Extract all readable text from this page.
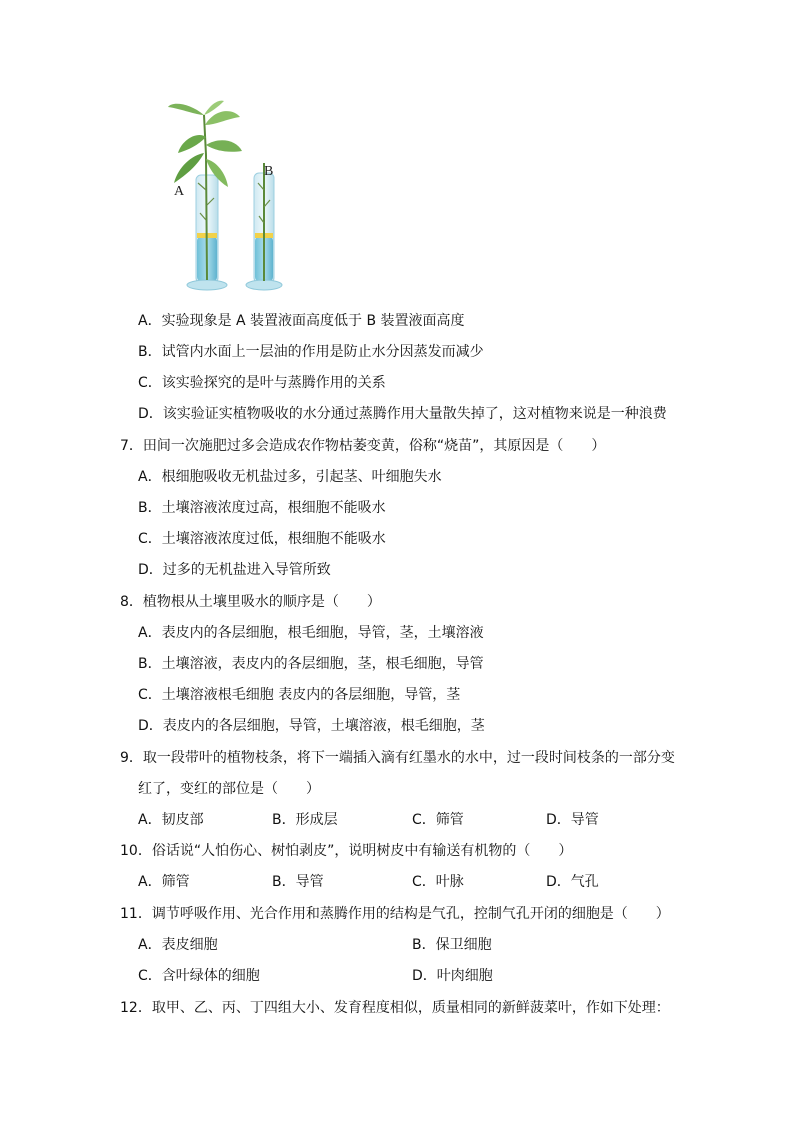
A
B
A．实验现象是 A 装置液面高度低于 B 装置液面高度
B．试管内水面上一层油的作用是防止水分因蒸发而减少
C．该实验探究的是叶与蒸腾作用的关系
D．该实验证实植物吸收的水分通过蒸腾作用大量散失掉了，这对植物来说是一种浪费
7．田间一次施肥过多会造成农作物枯萎变黄，俗称“烧苗”，其原因是（　　）
A．根细胞吸收无机盐过多，引起茎、叶细胞失水
B．土壤溶液浓度过高，根细胞不能吸水
C．土壤溶液浓度过低，根细胞不能吸水
D．过多的无机盐进入导管所致
8．植物根从土壤里吸水的顺序是（　　）
A．表皮内的各层细胞，根毛细胞，导管，茎，土壤溶液
B．土壤溶液，表皮内的各层细胞，茎，根毛细胞，导管
C．土壤溶液根毛细胞 表皮内的各层细胞，导管，茎
D．表皮内的各层细胞，导管，土壤溶液，根毛细胞，茎
9．取一段带叶的植物枝条，将下一端插入滴有红墨水的水中，过一段时间枝条的一部分变
红了，变红的部位是（　　）
A．韧皮部	B．形成层	C．筛管	D．导管
10．俗话说“人怕伤心、树怕剥皮”，说明树皮中有输送有机物的（　　）
A．筛管	B．导管	C．叶脉	D．气孔
11．调节呼吸作用、光合作用和蒸腾作用的结构是气孔，控制气孔开闭的细胞是（　　）
A．表皮细胞	B．保卫细胞
C．含叶绿体的细胞	D．叶肉细胞
12．取甲、乙、丙、丁四组大小、发育程度相似，质量相同的新鲜菠菜叶，作如下处理：
